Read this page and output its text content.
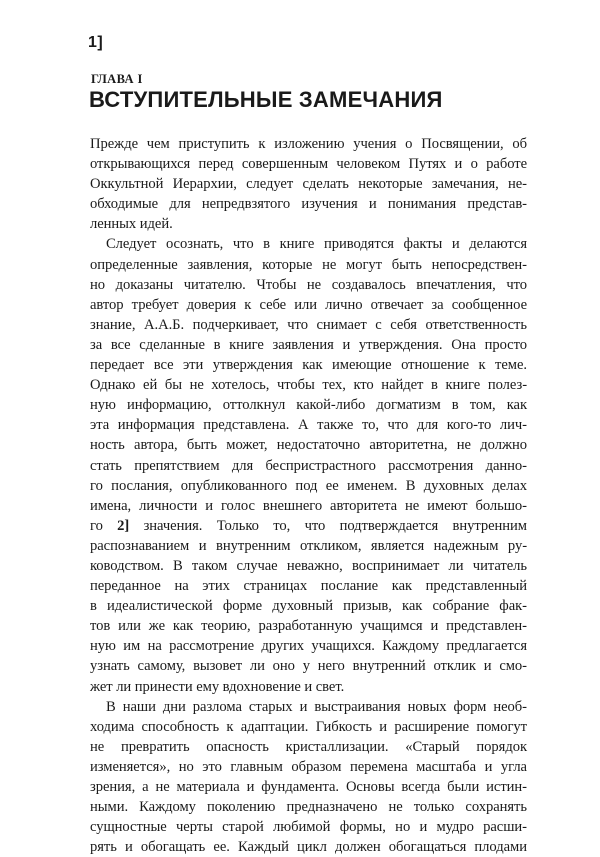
1]
ГЛАВА I
ВСТУПИТЕЛЬНЫЕ ЗАМЕЧАНИЯ
Прежде чем приступить к изложению учения о Посвящении, об
открывающихся перед совершенным человеком Путях и о работе
Оккультной Иерархии, следует сделать некоторые замечания, не-
обходимые для непредвзятого изучения и понимания представ-
ленных идей.
Следует осознать, что в книге приводятся факты и делаются
определенные заявления, которые не могут быть непосредствен-
но доказаны читателю. Чтобы не создавалось впечатления, что
автор требует доверия к себе или лично отвечает за сообщенное
знание, А.А.Б. подчеркивает, что снимает с себя ответственность
за все сделанные в книге заявления и утверждения. Она просто
передает все эти утверждения как имеющие отношение к теме.
Однако ей бы не хотелось, чтобы тех, кто найдет в книге полез-
ную информацию, оттолкнул какой-либо догматизм в том, как
эта информация представлена. А также то, что для кого-то лич-
ность автора, быть может, недостаточно авторитетна, не должно
стать препятствием для беспристрастного рассмотрения данно-
го послания, опубликованного под ее именем. В духовных делах
имена, личности и голос внешнего авторитета не имеют большо-
го 2] значения. Только то, что подтверждается внутренним
распознаванием и внутренним откликом, является надежным ру-
ководством. В таком случае неважно, воспринимает ли читатель
переданное на этих страницах послание как представленный
в идеалистической форме духовный призыв, как собрание фак-
тов или же как теорию, разработанную учащимся и представлен-
ную им на рассмотрение других учащихся. Каждому предлагается
узнать самому, вызовет ли оно у него внутренний отклик и смо-
жет ли принести ему вдохновение и свет.
В наши дни разлома старых и выстраивания новых форм необ-
ходима способность к адаптации. Гибкость и расширение помогут
не превратить опасность кристаллизации. «Старый порядок
изменяется», но это главным образом перемена масштаба и угла
зрения, а не материала и фундамента. Основы всегда были истин-
ными. Каждому поколению предназначено не только сохранять
сущностные черты старой любимой формы, но и мудро расши-
рять и обогащать ее. Каждый цикл должен обогащаться плодами
